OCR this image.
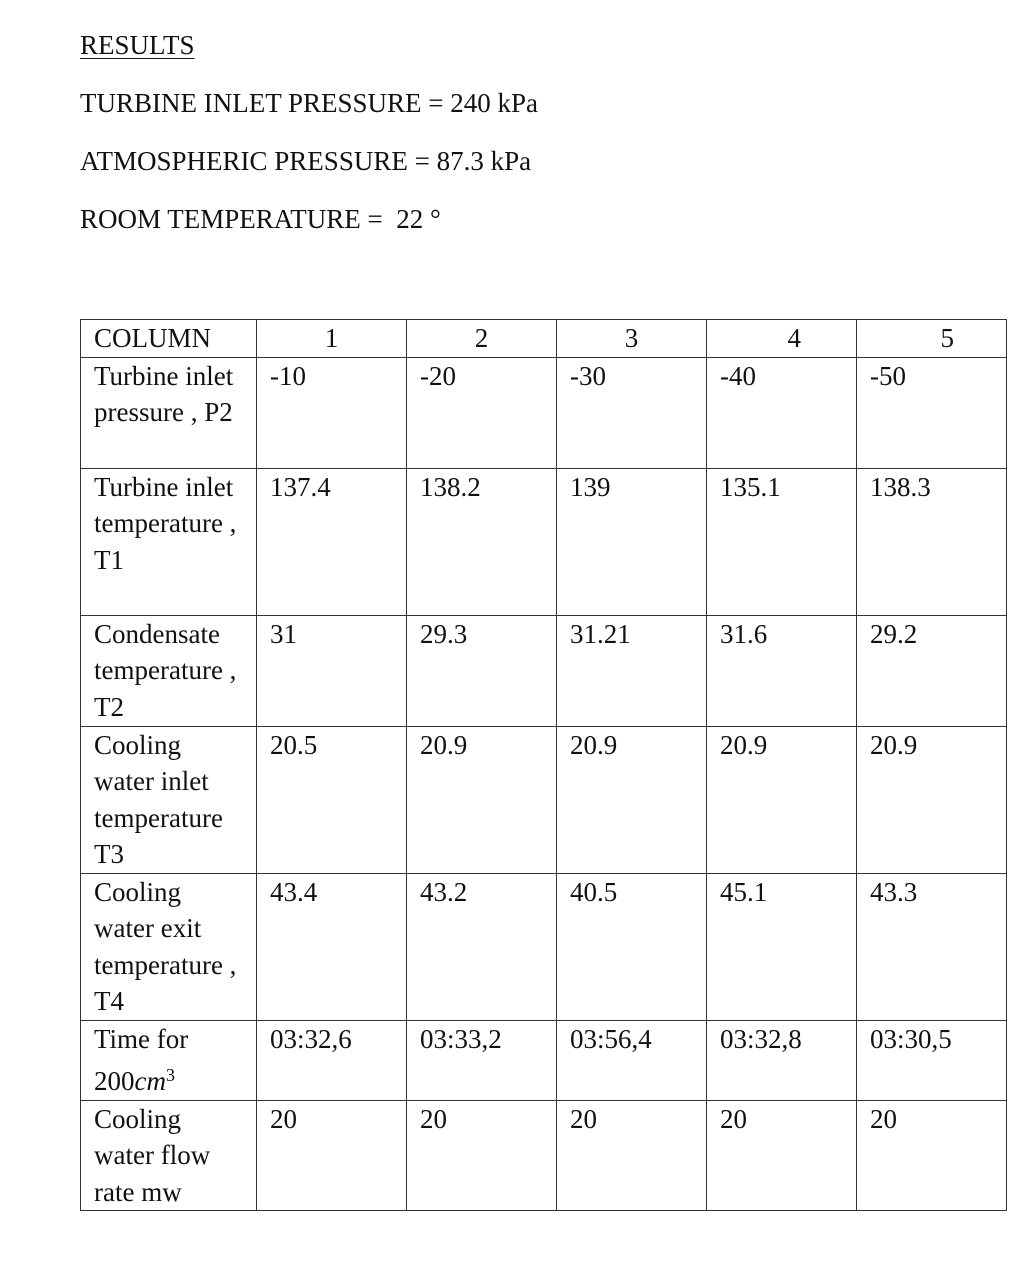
RESULTS

TURBINE INLET PRESSURE = 240 kPa

ATMOSPHERIC PRESSURE = 87.3 kPa

ROOM TEMPERATURE =  22 °

COLUMN	1	2	3	4	5

Turbine inlet pressure , P2	-10	-20	-30	-40	-50

Turbine inlet temperature , T1	137.4	138.2	139	135.1	138.3

Condensate temperature , T2	31	29.3	31.21	31.6	29.2

Cooling water inlet temperature T3	20.5	20.9	20.9	20.9	20.9

Cooling water exit temperature , T4	43.4	43.2	40.5	45.1	43.3

Time for $200cm^3$	03:32,6	03:33,2	03:56,4	03:32,8	03:30,5

Cooling water flow rate mw	20	20	20	20	20
